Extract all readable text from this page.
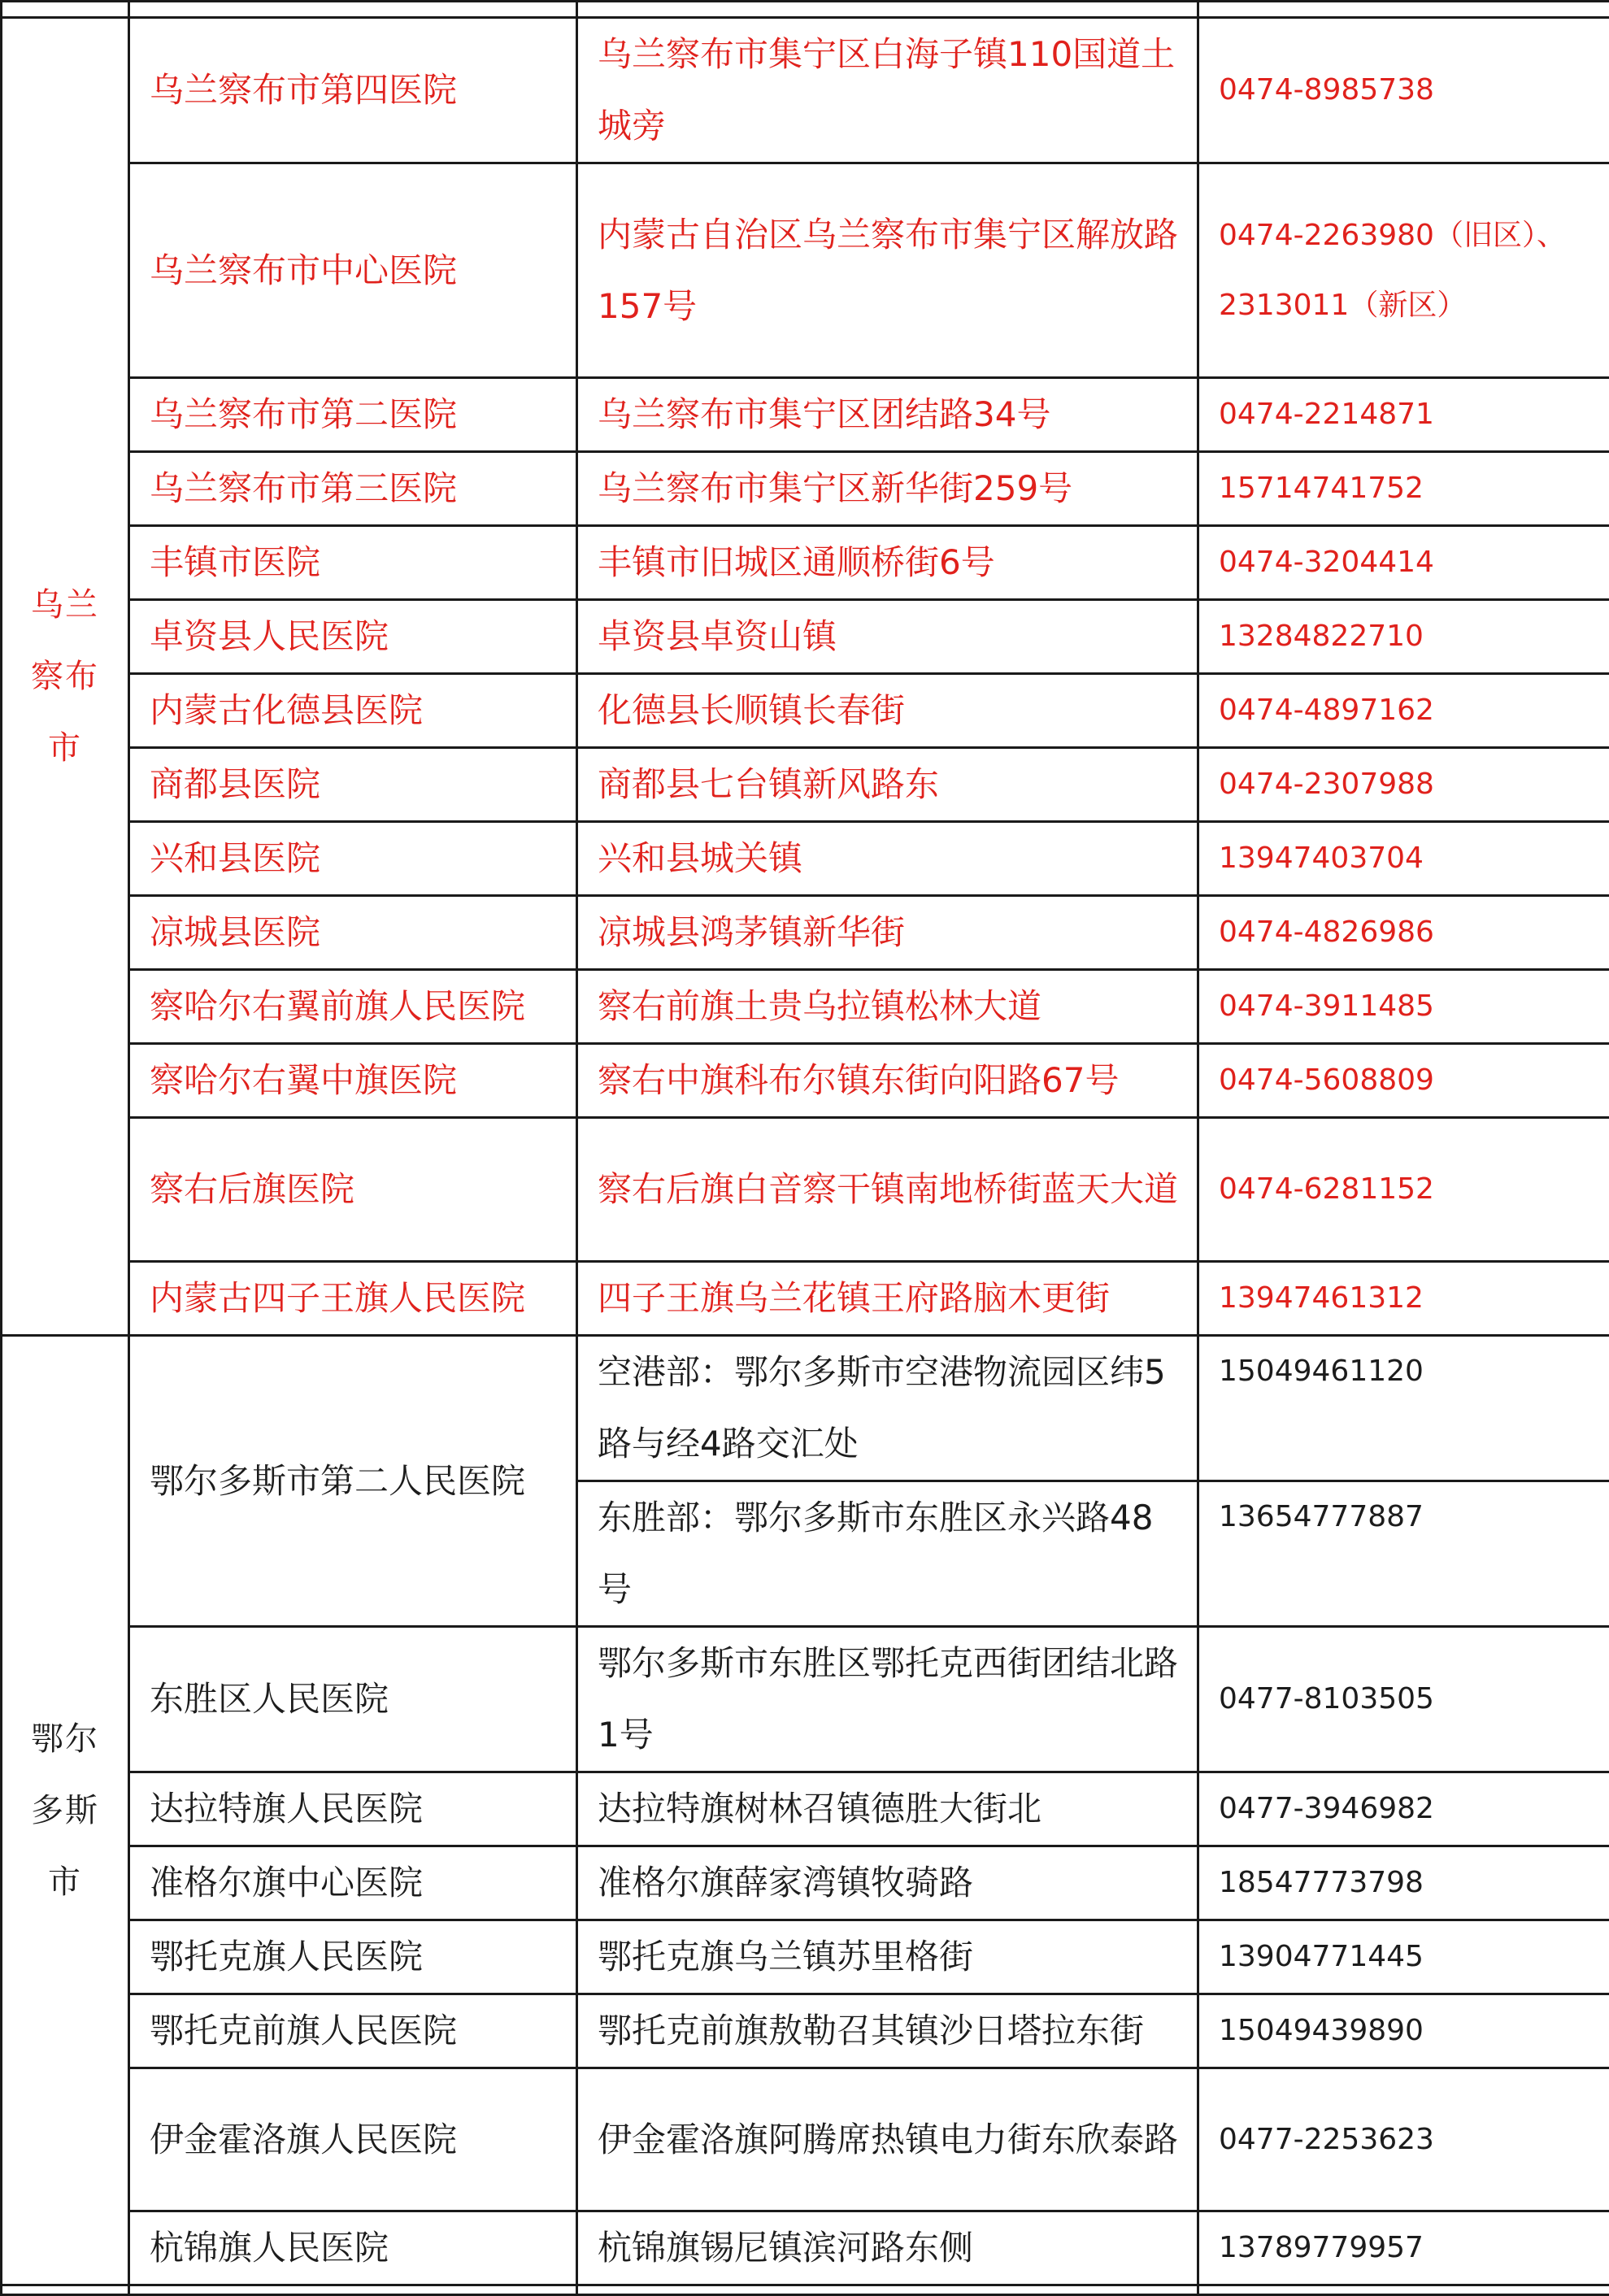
乌兰察布市	乌兰察布市第四医院	乌兰察布市集宁区白海子镇110国道土城旁	0474-8985738
	乌兰察布市中心医院	内蒙古自治区乌兰察布市集宁区解放路157号	0474-2263980（旧区）、2313011（新区）
	乌兰察布市第二医院	乌兰察布市集宁区团结路34号	0474-2214871
	乌兰察布市第三医院	乌兰察布市集宁区新华街259号	15714741752
	丰镇市医院	丰镇市旧城区通顺桥街6号	0474-3204414
	卓资县人民医院	卓资县卓资山镇	13284822710
	内蒙古化德县医院	化德县长顺镇长春街	0474-4897162
	商都县医院	商都县七台镇新风路东	0474-2307988
	兴和县医院	兴和县城关镇	13947403704
	凉城县医院	凉城县鸿茅镇新华街	0474-4826986
	察哈尔右翼前旗人民医院	察右前旗土贵乌拉镇松林大道	0474-3911485
	察哈尔右翼中旗医院	察右中旗科布尔镇东街向阳路67号	0474-5608809
	察右后旗医院	察右后旗白音察干镇南地桥街蓝天大道	0474-6281152
	内蒙古四子王旗人民医院	四子王旗乌兰花镇王府路脑木更街	13947461312

鄂尔多斯市	鄂尔多斯市第二人民医院	空港部：鄂尔多斯市空港物流园区纬5路与经4路交汇处	15049461120
		东胜部：鄂尔多斯市东胜区永兴路48号	13654777887
	东胜区人民医院	鄂尔多斯市东胜区鄂托克西街团结北路1号	0477-8103505
	达拉特旗人民医院	达拉特旗树林召镇德胜大街北	0477-3946982
	准格尔旗中心医院	准格尔旗薛家湾镇牧骑路	18547773798
	鄂托克旗人民医院	鄂托克旗乌兰镇苏里格街	13904771445
	鄂托克前旗人民医院	鄂托克前旗敖勒召其镇沙日塔拉东街	15049439890
	伊金霍洛旗人民医院	伊金霍洛旗阿腾席热镇电力街东欣泰路	0477-2253623
	杭锦旗人民医院	杭锦旗锡尼镇滨河路东侧	13789779957
